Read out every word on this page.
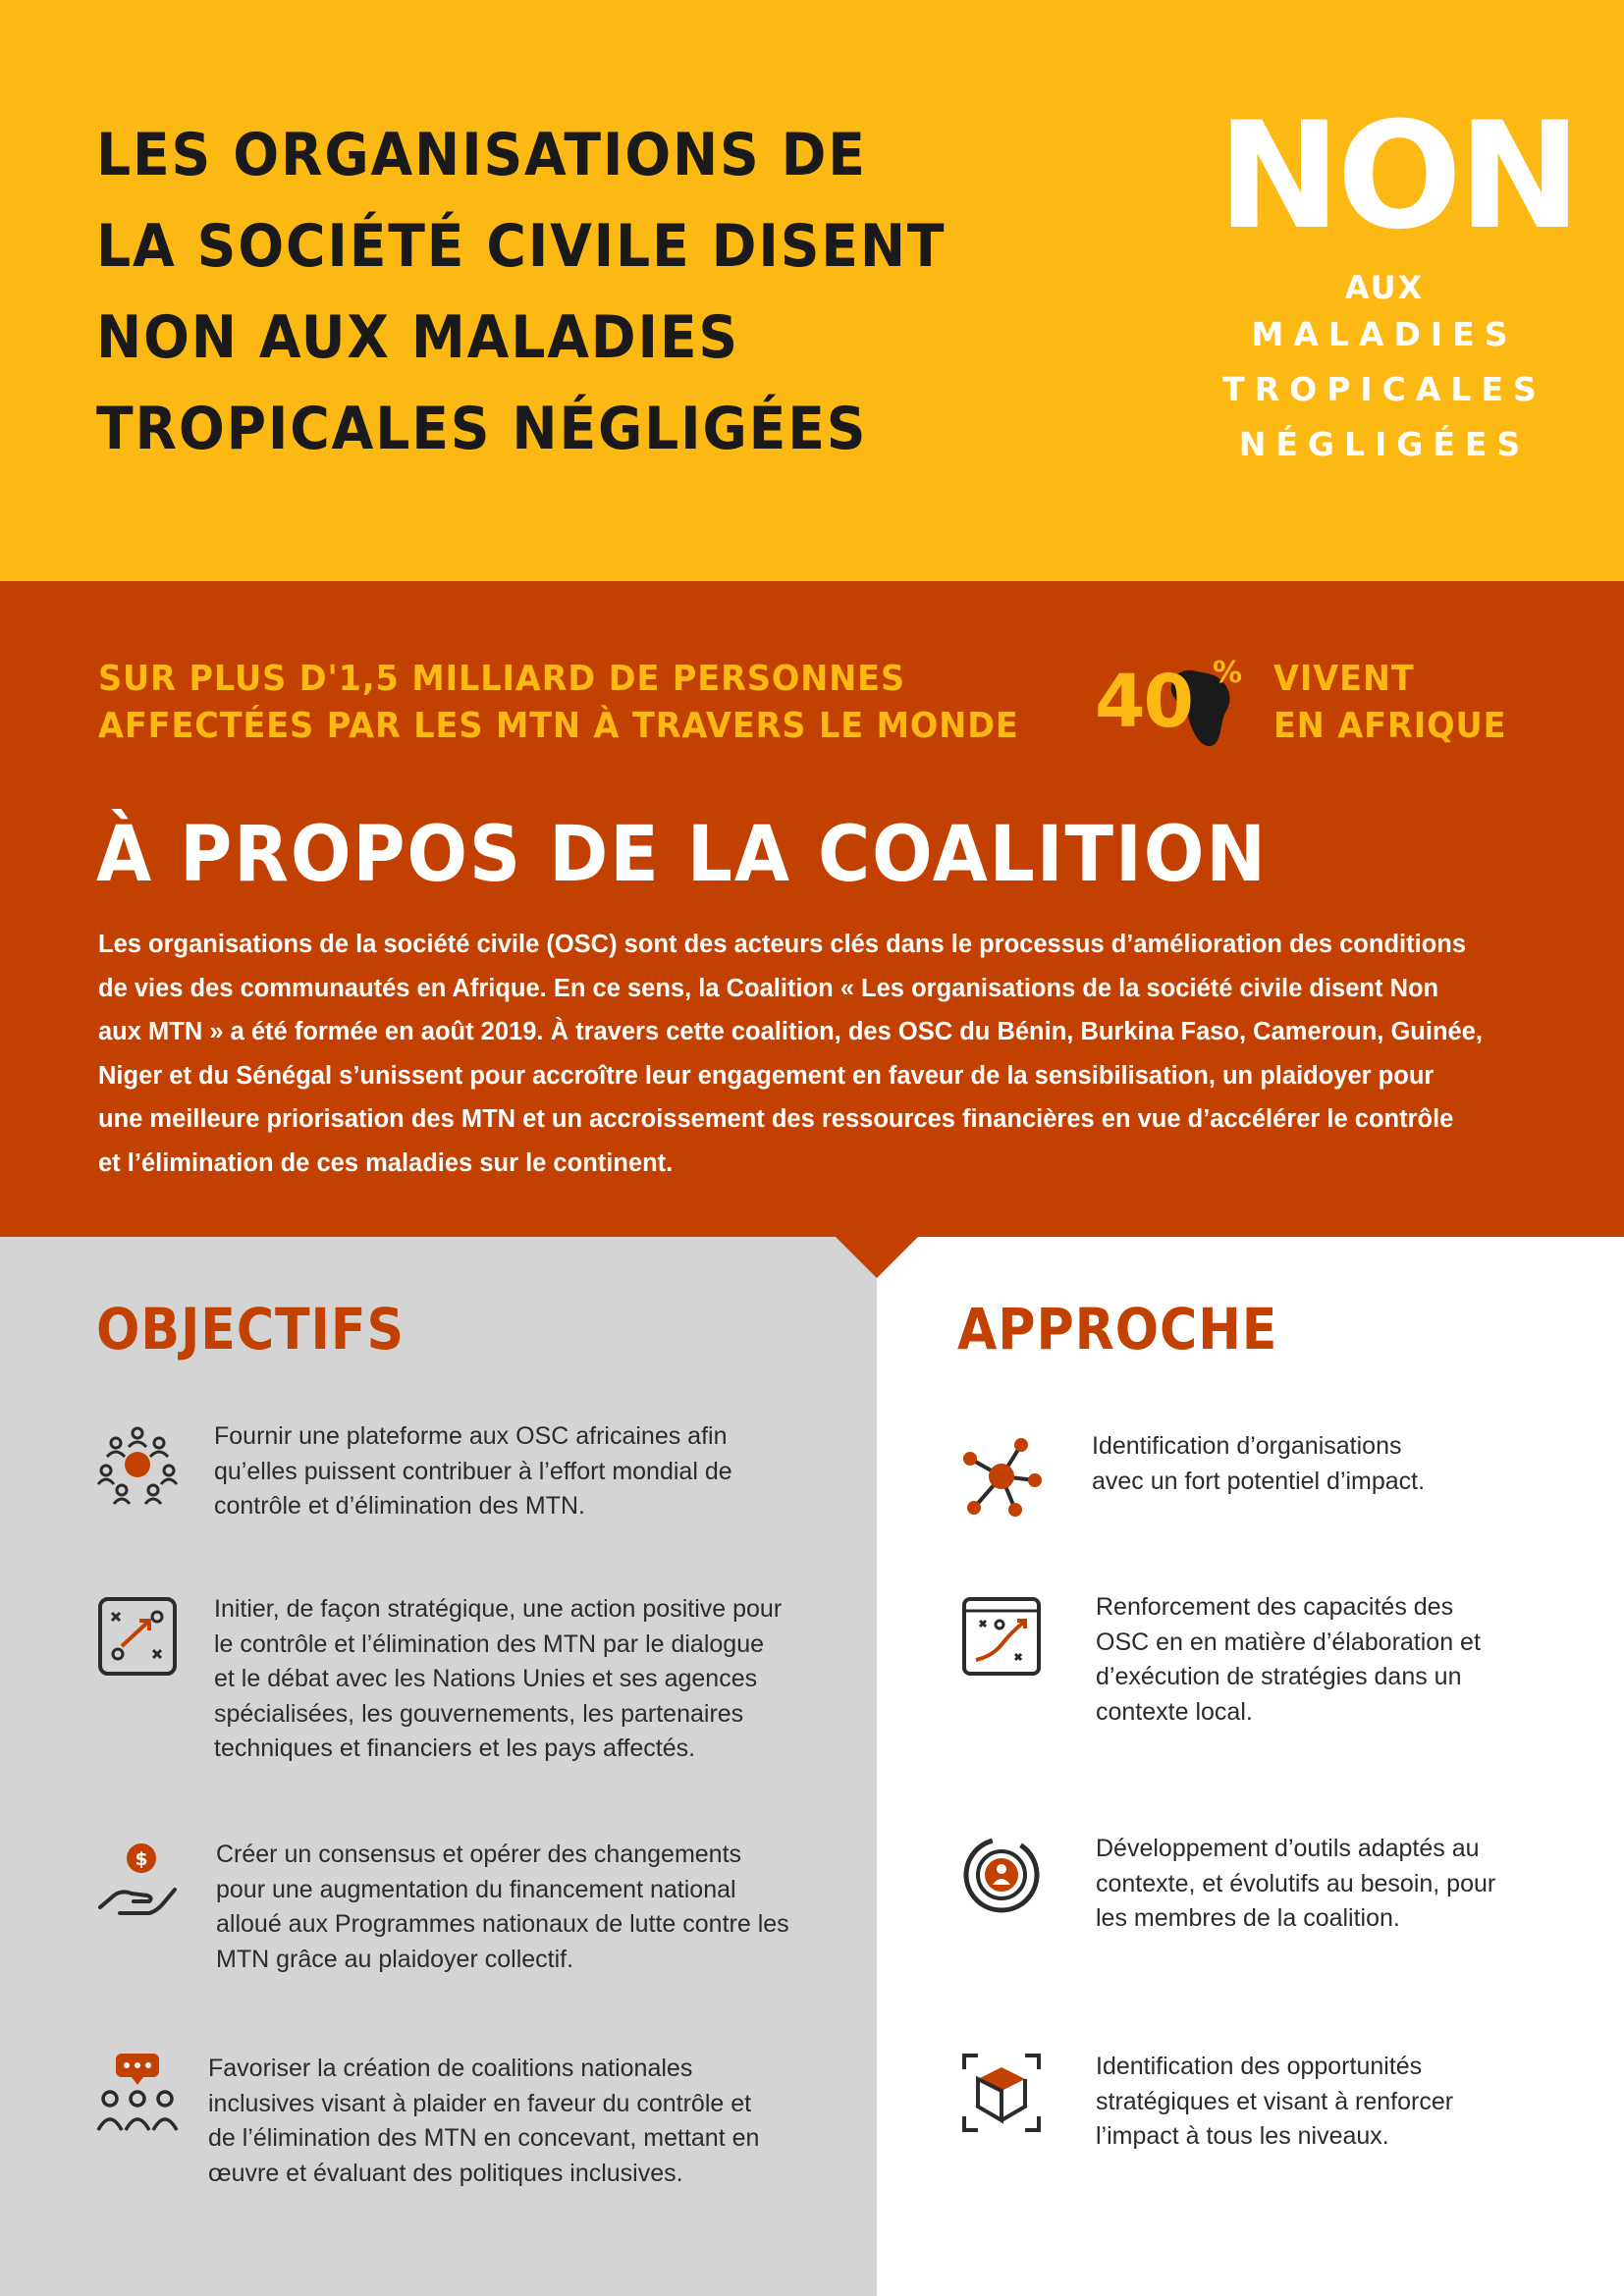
LES ORGANISATIONS DE
LA SOCIÉTÉ CIVILE DISENT
NON AUX MALADIES
TROPICALES NÉGLIGÉES
NON
AUX
MALADIES
TROPICALES
NÉGLIGÉES
SUR PLUS D'1,5 MILLIARD DE PERSONNES
AFFECTÉES PAR LES MTN À TRAVERS LE MONDE 40 % VIVENT
EN AFRIQUE
À PROPOS DE LA COALITION
Les organisations de la société civile (OSC) sont des acteurs clés dans le processus d’amélioration des conditions
de vies des communautés en Afrique. En ce sens, la Coalition « Les organisations de la société civile disent Non
aux MTN » a été formée en août 2019. À travers cette coalition, des OSC du Bénin, Burkina Faso, Cameroun, Guinée,
Niger et du Sénégal s’unissent pour accroître leur engagement en faveur de la sensibilisation, un plaidoyer pour
une meilleure priorisation des MTN et un accroissement des ressources financières en vue d’accélérer le contrôle
et l’élimination de ces maladies sur le continent.
OBJECTIFS	APPROCHE
Fournir une plateforme aux OSC africaines afin
qu’elles puissent contribuer à l’effort mondial de
contrôle et d’élimination des MTN.
Initier, de façon stratégique, une action positive pour
le contrôle et l’élimination des MTN par le dialogue
et le débat avec les Nations Unies et ses agences
spécialisées, les gouvernements, les partenaires
techniques et financiers et les pays affectés.
$	Créer un consensus et opérer des changements
pour une augmentation du financement national
alloué aux Programmes nationaux de lutte contre les
MTN grâce au plaidoyer collectif.
Favoriser la création de coalitions nationales
inclusives visant à plaider en faveur du contrôle et
de l’élimination des MTN en concevant, mettant en
œuvre et évaluant des politiques inclusives.
Identification d’organisations
avec un fort potentiel d’impact.
Renforcement des capacités des
OSC en en matière d’élaboration et
d’exécution de stratégies dans un
contexte local.
Développement d’outils adaptés au
contexte, et évolutifs au besoin, pour
les membres de la coalition.
Identification des opportunités
stratégiques et visant à renforcer
l’impact à tous les niveaux.
